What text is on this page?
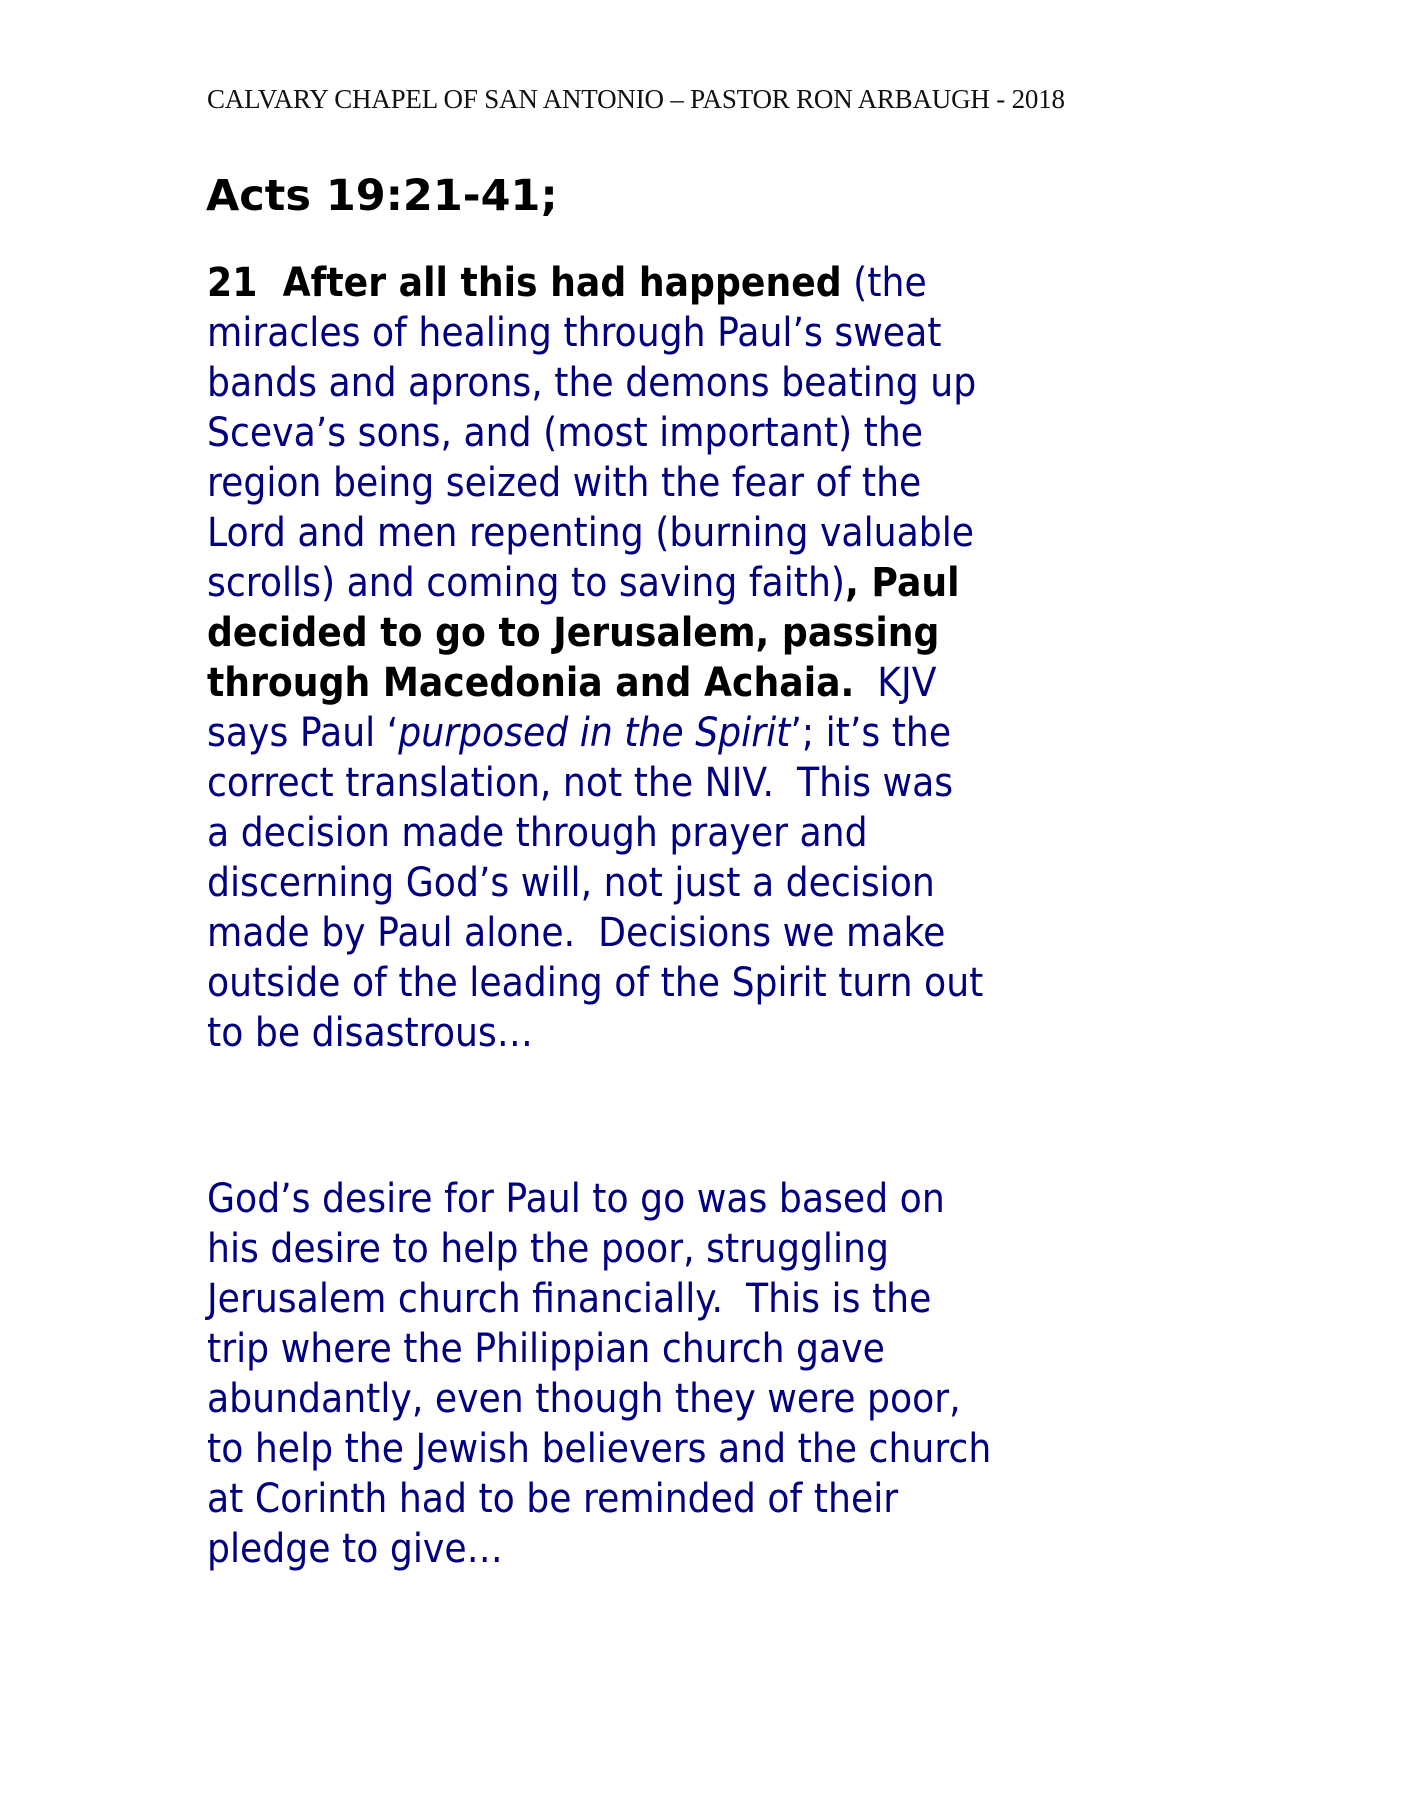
CALVARY CHAPEL OF SAN ANTONIO – PASTOR RON ARBAUGH - 2018
Acts 19:21-41;
21  After all this had happened (the
miracles of healing through Paul’s sweat
bands and aprons, the demons beating up
Sceva’s sons, and (most important) the
region being seized with the fear of the
Lord and men repenting (burning valuable
scrolls) and coming to saving faith), Paul
decided to go to Jerusalem, passing
through Macedonia and Achaia.  KJV
says Paul ‘purposed in the Spirit’; it’s the
correct translation, not the NIV.  This was
a decision made through prayer and
discerning God’s will, not just a decision
made by Paul alone.  Decisions we make
outside of the leading of the Spirit turn out
to be disastrous…
God’s desire for Paul to go was based on
his desire to help the poor, struggling
Jerusalem church financially.  This is the
trip where the Philippian church gave
abundantly, even though they were poor,
to help the Jewish believers and the church
at Corinth had to be reminded of their
pledge to give…
